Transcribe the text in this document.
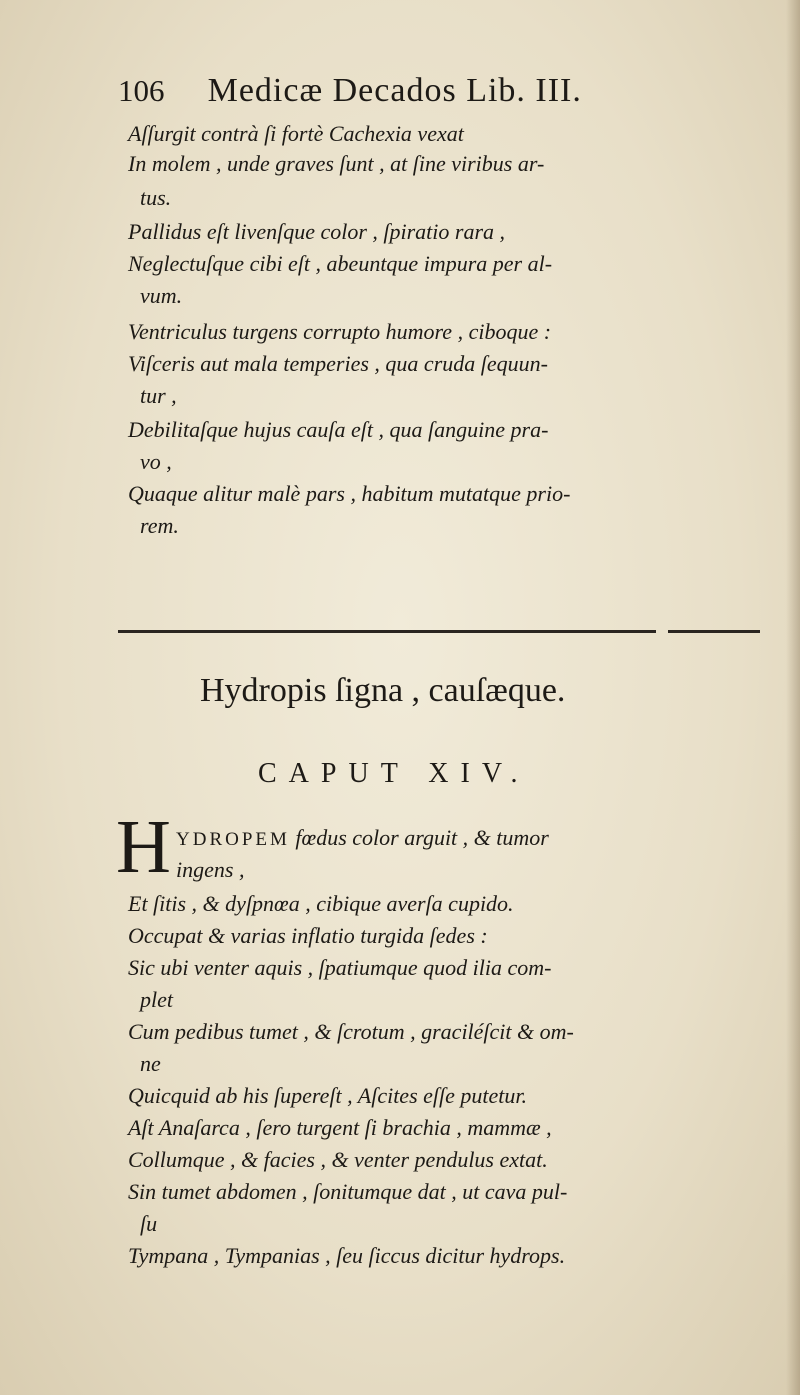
106 Medicæ Decados Lib. III.
Aſſurgit contrà ſi fortè Cachexia vexat
In molem , unde graves ſunt , at ſine viribus ar-
tus.
Pallidus eſt livenſque color , ſpiratio rara ,
Neglectuſque cibi eſt , abeuntque impura per al-
vum.
Ventriculus turgens corrupto humore , ciboque :
Viſceris aut mala temperies , qua cruda ſequun-
tur ,
Debilitaſque hujus cauſa eſt , qua ſanguine pra-
vo ,
Quaque alitur malè pars , habitum mutatque prio-
rem.
Hydropis ſigna , cauſæque.
CAPUT XIV.
H YDROPEM fœdus color arguit , & tumor
ingens ,
Et ſitis , & dyſpnœa , cibique averſa cupido.
Occupat & varias inflatio turgida ſedes :
Sic ubi venter aquis , ſpatiumque quod ilia com-
plet
Cum pedibus tumet , & ſcrotum , graciléſcit & om-
ne
Quicquid ab his ſupereſt , Aſcites eſſe putetur.
Aſt Anaſarca , ſero turgent ſi brachia , mammæ ,
Collumque , & facies , & venter pendulus extat.
Sin tumet abdomen , ſonitumque dat , ut cava pul-
ſu
Tympana , Tympanias , ſeu ſiccus dicitur hydrops.
